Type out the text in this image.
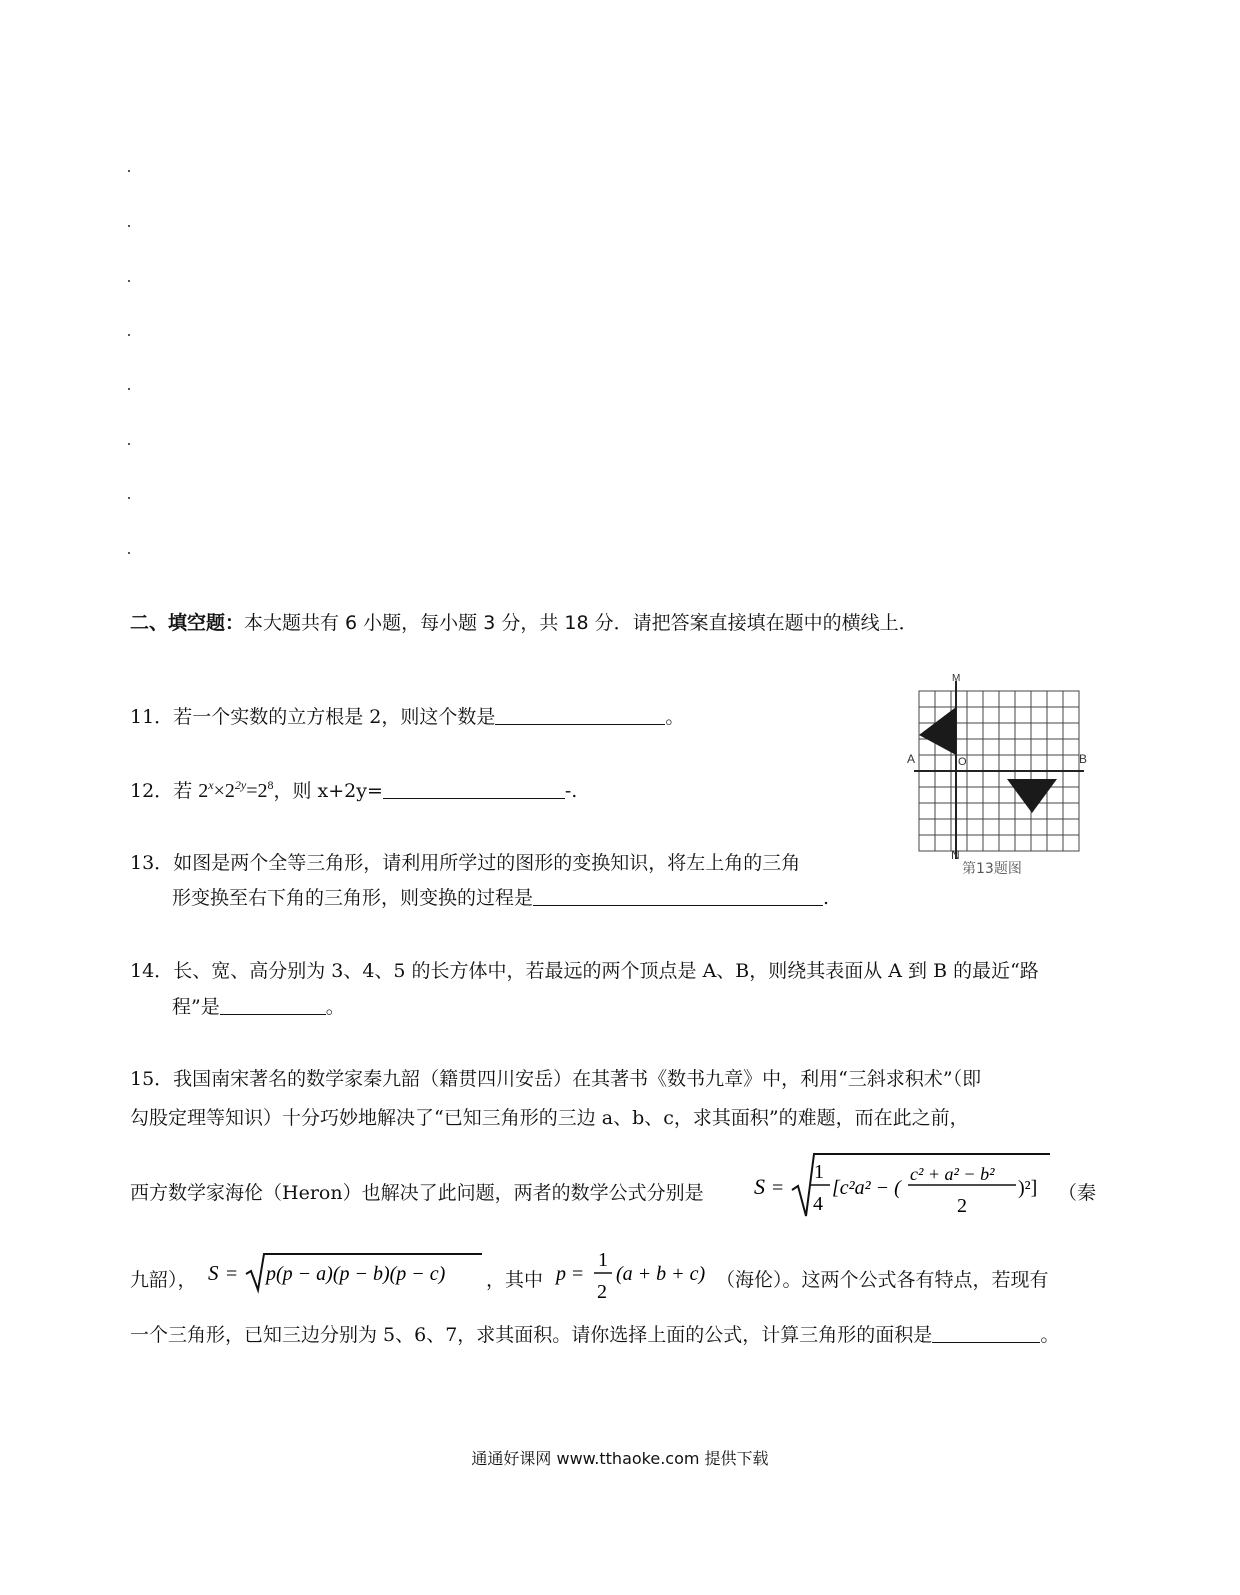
二、填空题：本大题共有 6 小题，每小题 3 分，共 18 分．请把答案直接填在题中的横线上．
11．若一个实数的立方根是 2，则这个数是	。
12．若 $2^x\times 2^{2y}=2^8$，则 x+2y=	-.
13．如图是两个全等三角形，请利用所学过的图形的变换知识，将左上角的三角
形变换至右下角的三角形，则变换的过程是	.
M
N
A	B
O
第13题图
14．长、宽、高分别为 3、4、5 的长方体中，若最远的两个顶点是 A、B，则绕其表面从 A 到 B 的最近“路
程”是	。
15．我国南宋著名的数学家秦九韶（籍贯四川安岳）在其著书《数书九章》中，利用“三斜求积术”（即
勾股定理等知识）十分巧妙地解决了“已知三角形的三边 a、b、c，求其面积”的难题，而在此之前，
西方数学家海伦（Heron）也解决了此问题，两者的数学公式分别是 S =
1
4
[c²a² − (
c² + a² − b²
2
)²] （秦
九韶）， S = p(p − a)(p − b)(p − c) ，其中 p =
1
2
(a + b + c) （海伦）。这两个公式各有特点，若现有
一个三角形，已知三边分别为 5、6、7，求其面积。请你选择上面的公式，计算三角形的面积是	。
通通好课网 www.tthaoke.com 提供下载
